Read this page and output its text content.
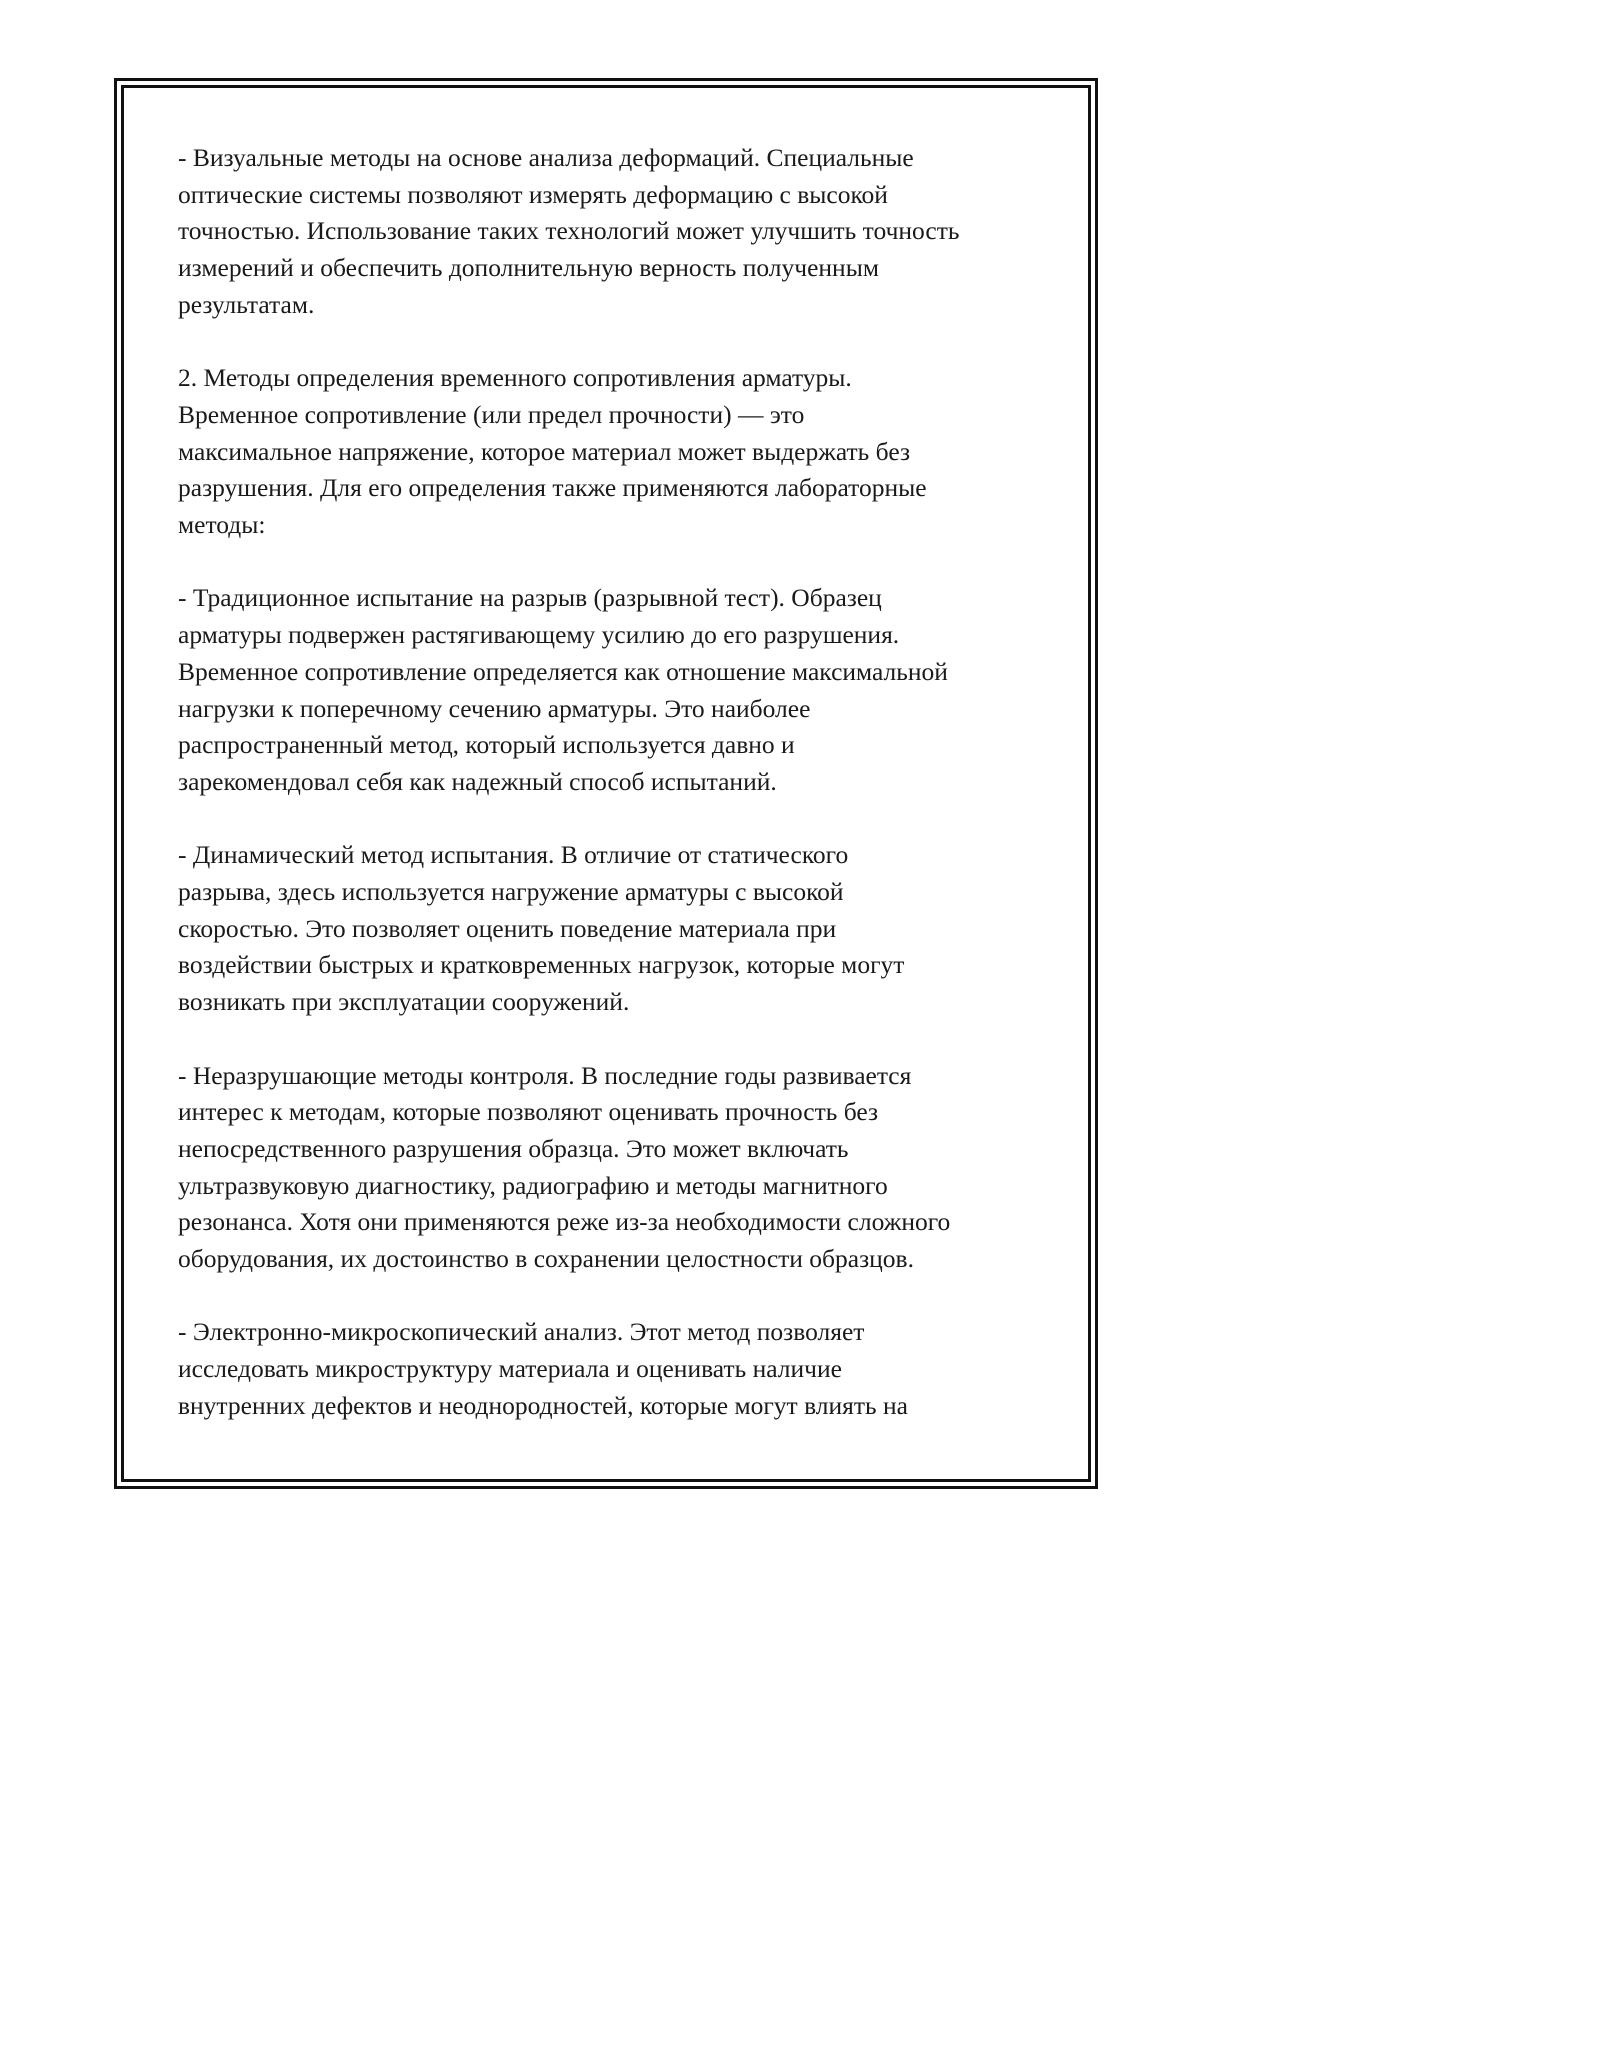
- Визуальные методы на основе анализа деформаций. Специальные
оптические системы позволяют измерять деформацию с высокой
точностью. Использование таких технологий может улучшить точность
измерений и обеспечить дополнительную верность полученным
результатам.

2. Методы определения временного сопротивления арматуры.
Временное сопротивление (или предел прочности) — это
максимальное напряжение, которое материал может выдержать без
разрушения. Для его определения также применяются лабораторные
методы:

- Традиционное испытание на разрыв (разрывной тест). Образец
арматуры подвержен растягивающему усилию до его разрушения.
Временное сопротивление определяется как отношение максимальной
нагрузки к поперечному сечению арматуры. Это наиболее
распространенный метод, который используется давно и
зарекомендовал себя как надежный способ испытаний.

- Динамический метод испытания. В отличие от статического
разрыва, здесь используется нагружение арматуры с высокой
скоростью. Это позволяет оценить поведение материала при
воздействии быстрых и кратковременных нагрузок, которые могут
возникать при эксплуатации сооружений.

- Неразрушающие методы контроля. В последние годы развивается
интерес к методам, которые позволяют оценивать прочность без
непосредственного разрушения образца. Это может включать
ультразвуковую диагностику, радиографию и методы магнитного
резонанса. Хотя они применяются реже из-за необходимости сложного
оборудования, их достоинство в сохранении целостности образцов.

- Электронно-микроскопический анализ. Этот метод позволяет
исследовать микроструктуру материала и оценивать наличие
внутренних дефектов и неоднородностей, которые могут влиять на
